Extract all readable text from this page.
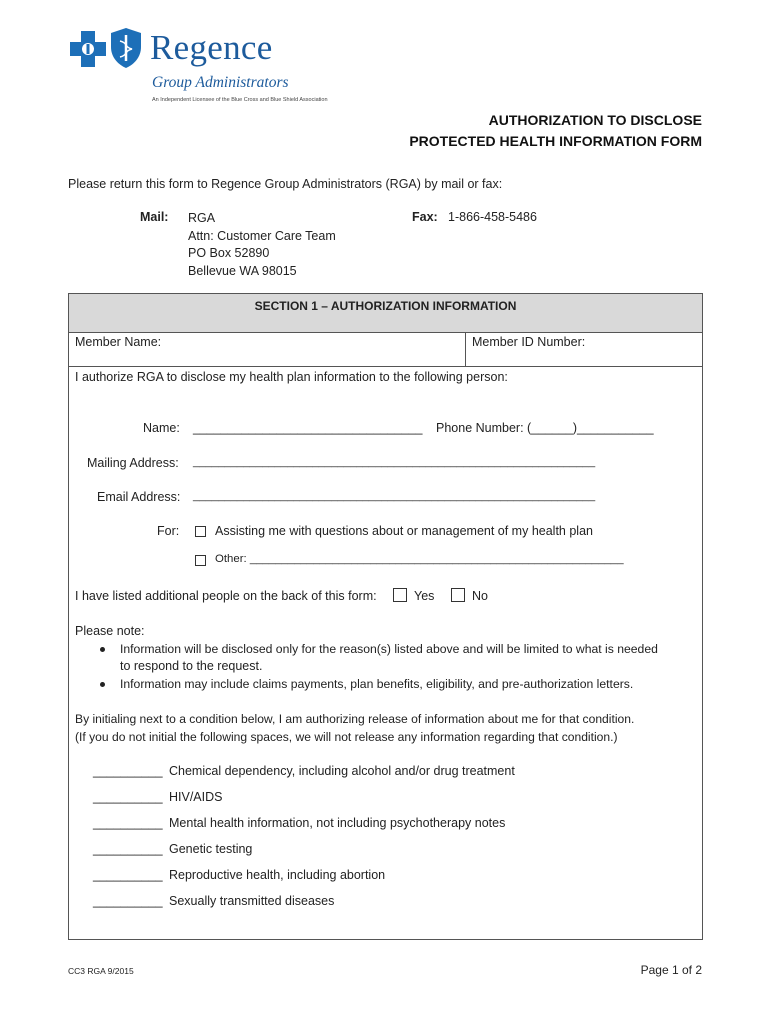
Regence
Group Administrators
An Independent Licensee of the Blue Cross and Blue Shield Association
AUTHORIZATION TO DISCLOSE
PROTECTED HEALTH INFORMATION FORM
Please return this form to Regence Group Administrators (RGA) by mail or fax:
Mail: RGA
Attn: Customer Care Team
PO Box 52890
Bellevue WA 98015
Fax: 1-866-458-5486
SECTION 1 – AUTHORIZATION INFORMATION
Member Name:	Member ID Number:
I authorize RGA to disclose my health plan information to the following person:
Name: _________________________________ Phone Number: (______)___________
Mailing Address: ________________________________________________________________
Email Address: ________________________________________________________________
For:	Assisting me with questions about or management of my health plan
Other: ___________________________________________________________
I have listed additional people on the back of this form:	Yes	No
Please note:
Information will be disclosed only for the reason(s) listed above and will be limited to what is needed
to respond to the request.
Information may include claims payments, plan benefits, eligibility, and pre-authorization letters.
By initialing next to a condition below, I am authorizing release of information about me for that condition.
(If you do not initial the following spaces, we will not release any information regarding that condition.)
__________ Chemical dependency, including alcohol and/or drug treatment
__________ HIV/AIDS
__________ Mental health information, not including psychotherapy notes
__________ Genetic testing
__________ Reproductive health, including abortion
__________ Sexually transmitted diseases
CC3 RGA 9/2015	Page 1 of 2
